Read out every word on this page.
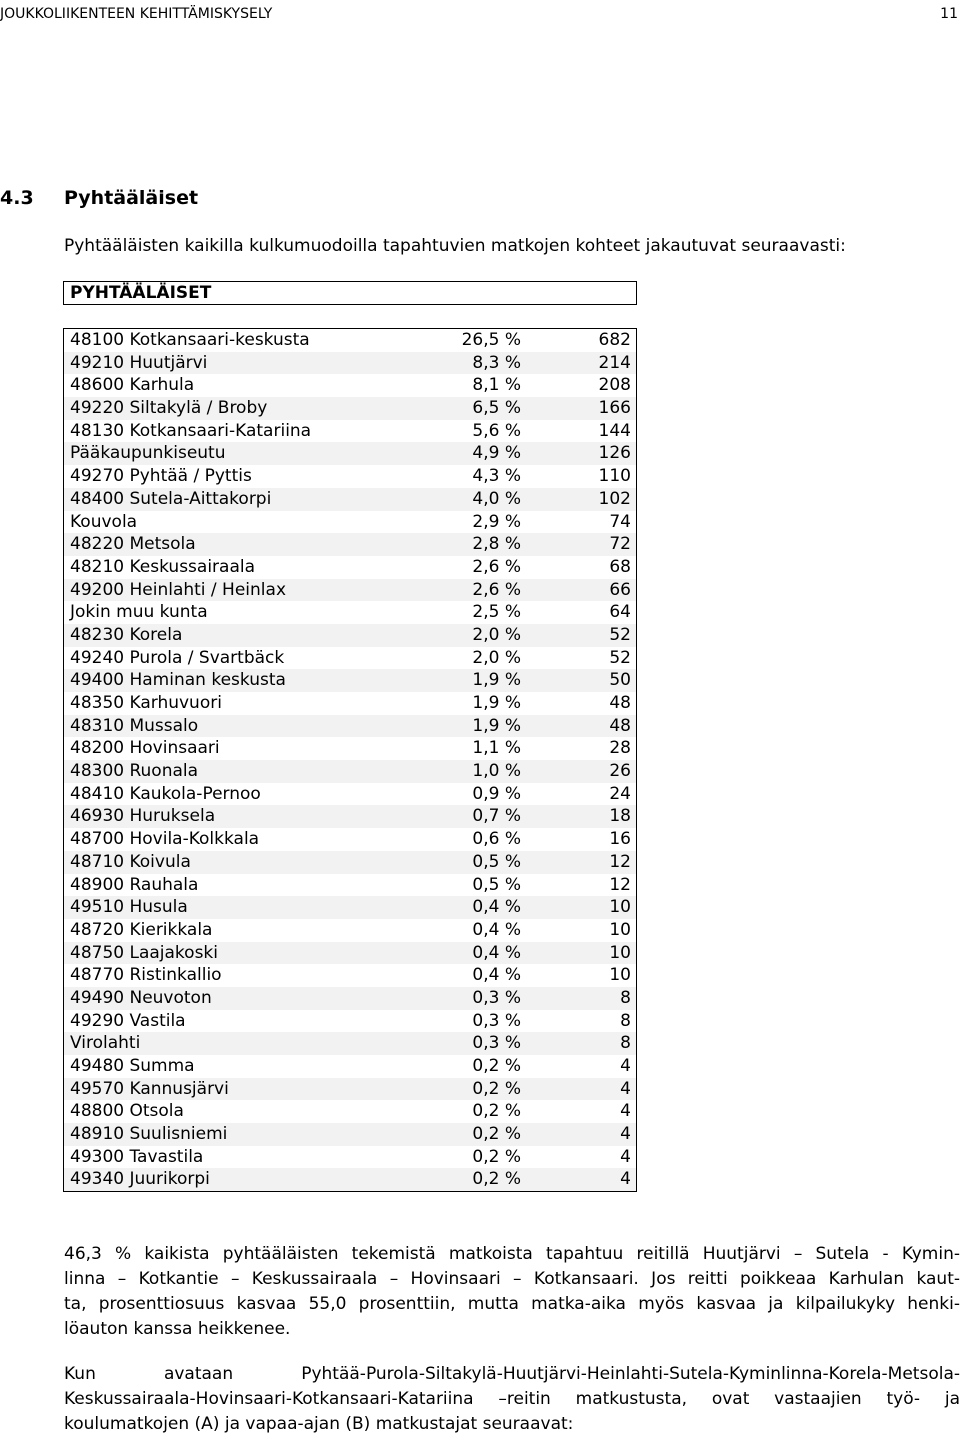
JOUKKOLIIKENTEEN KEHITTÄMISKYSELY	11
4.3 Pyhtääläiset
Pyhtääläisten kaikilla kulkumuodoilla tapahtuvien matkojen kohteet jakautuvat seuraavasti:
PYHTÄÄLÄISET
48100 Kotkansaari-keskusta	26,5 %	682
49210 Huutjärvi	8,3 %	214
48600 Karhula	8,1 %	208
49220 Siltakylä / Broby	6,5 %	166
48130 Kotkansaari-Katariina	5,6 %	144
Pääkaupunkiseutu	4,9 %	126
49270 Pyhtää / Pyttis	4,3 %	110
48400 Sutela-Aittakorpi	4,0 %	102
Kouvola	2,9 %	74
48220 Metsola	2,8 %	72
48210 Keskussairaala	2,6 %	68
49200 Heinlahti / Heinlax	2,6 %	66
Jokin muu kunta	2,5 %	64
48230 Korela	2,0 %	52
49240 Purola / Svartbäck	2,0 %	52
49400 Haminan keskusta	1,9 %	50
48350 Karhuvuori	1,9 %	48
48310 Mussalo	1,9 %	48
48200 Hovinsaari	1,1 %	28
48300 Ruonala	1,0 %	26
48410 Kaukola-Pernoo	0,9 %	24
46930 Huruksela	0,7 %	18
48700 Hovila-Kolkkala	0,6 %	16
48710 Koivula	0,5 %	12
48900 Rauhala	0,5 %	12
49510 Husula	0,4 %	10
48720 Kierikkala	0,4 %	10
48750 Laajakoski	0,4 %	10
48770 Ristinkallio	0,4 %	10
49490 Neuvoton	0,3 %	8
49290 Vastila	0,3 %	8
Virolahti	0,3 %	8
49480 Summa	0,2 %	4
49570 Kannusjärvi	0,2 %	4
48800 Otsola	0,2 %	4
48910 Suulisniemi	0,2 %	4
49300 Tavastila	0,2 %	4
49340 Juurikorpi	0,2 %	4
46,3 % kaikista pyhtääläisten tekemistä matkoista tapahtuu reitillä Huutjärvi – Sutela - Kymin-
linna – Kotkantie – Keskussairaala – Hovinsaari – Kotkansaari. Jos reitti poikkeaa Karhulan kaut-
ta, prosenttiosuus kasvaa 55,0 prosenttiin, mutta matka-aika myös kasvaa ja kilpailukyky henki-
löauton kanssa heikkenee.
Kun avataan Pyhtää-Purola-Siltakylä-Huutjärvi-Heinlahti-Sutela-Kyminlinna-Korela-Metsola-
Keskussairaala-Hovinsaari-Kotkansaari-Katariina –reitin matkustusta, ovat vastaajien työ- ja
koulumatkojen (A) ja vapaa-ajan (B) matkustajat seuraavat:
